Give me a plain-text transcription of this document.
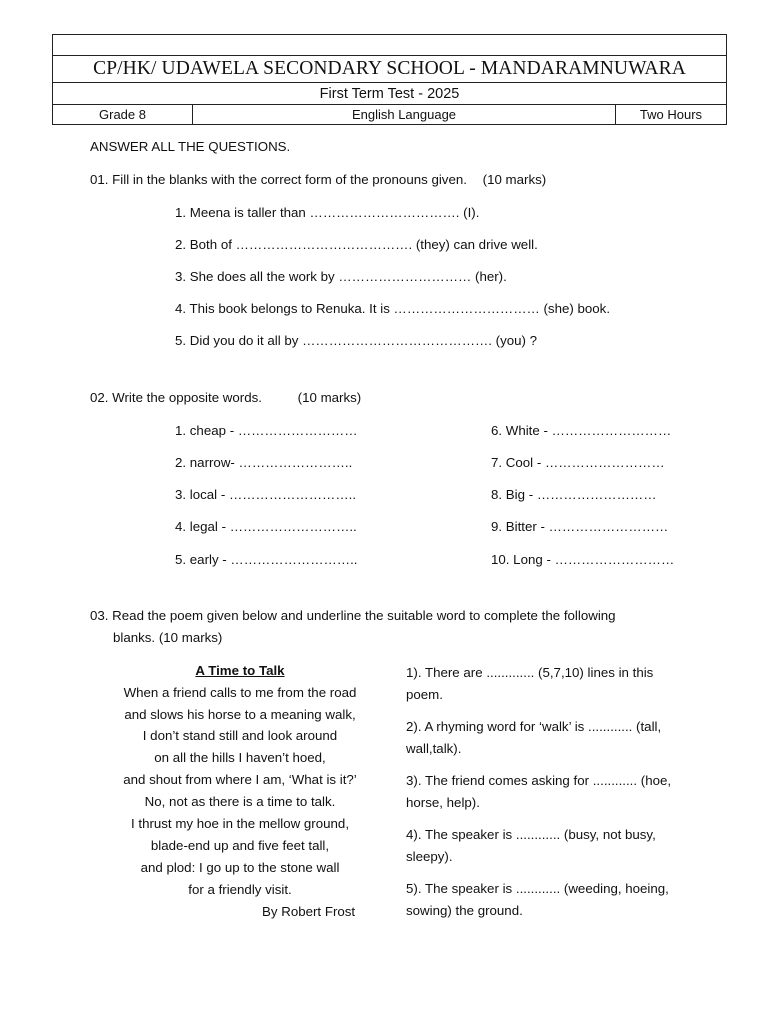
CP/HK/ UDAWELA SECONDARY SCHOOL - MANDARAMNUWARA
First Term Test - 2025
Grade 8	English Language	Two Hours
ANSWER ALL THE QUESTIONS.
01. Fill in the blanks with the correct form of the pronouns given. (10 marks)
1. Meena is taller than ……………………………. (I).
2. Both of …………………………………. (they) can drive well.
3. She does all the work by ………………………… (her).
4. This book belongs to Renuka. It is …………………………… (she) book.
5. Did you do it all by ……………………………………. (you) ?
02. Write the opposite words.	(10 marks)
1. cheap - ………………………
2. narrow- ……………………..
3. local - ………………………..
4. legal - ………………………..
5. early - ………………………..
6. White - ………………………
7. Cool - ………………………
8. Big - ………………………
9. Bitter - ………………………
10. Long - ………………………
03. Read the poem given below and underline the suitable word to complete the following
blanks. (10 marks)
A Time to Talk
When a friend calls to me from the road
and slows his horse to a meaning walk,
I don’t stand still and look around
on all the hills I haven’t hoed,
and shout from where I am, ‘What is it?’
No, not as there is a time to talk.
I thrust my hoe in the mellow ground,
blade-end up and five feet tall,
and plod: I go up to the stone wall
for a friendly visit.
By Robert Frost
1). There are ............. (5,7,10) lines in this poem.
2). A rhyming word for ‘walk’ is ............ (tall, wall,talk).
3). The friend comes asking for ............ (hoe, horse, help).
4). The speaker is ............ (busy, not busy, sleepy).
5). The speaker is ............ (weeding, hoeing, sowing) the ground.
